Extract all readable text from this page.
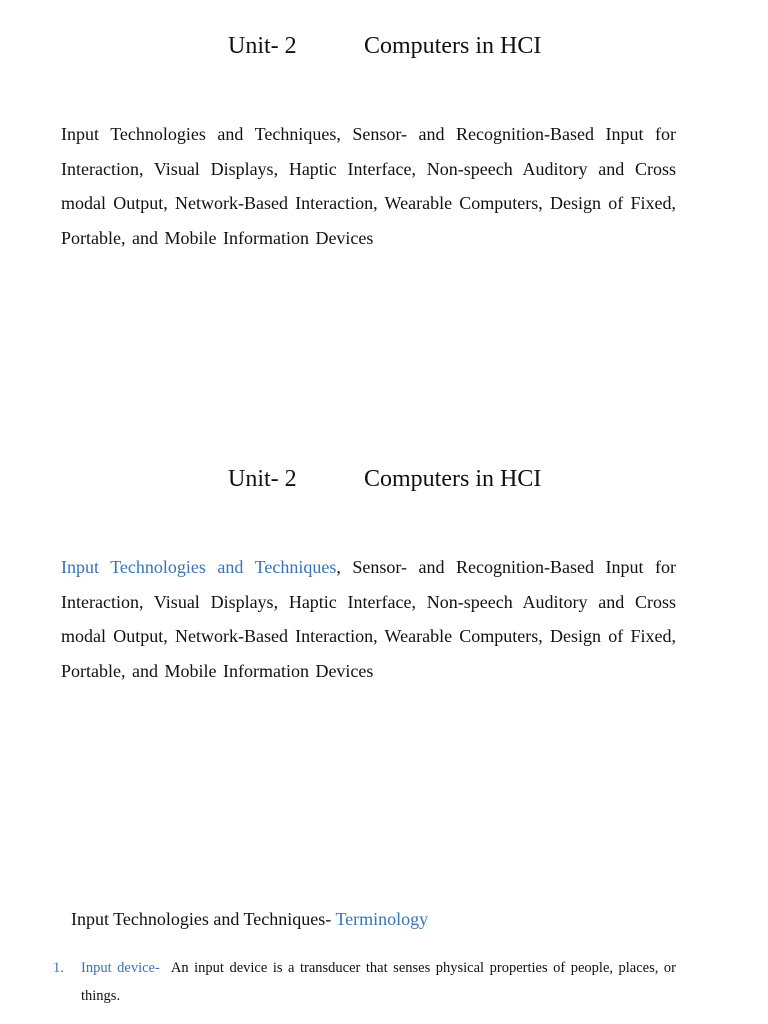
Unit- 2	Computers in HCI
Input Technologies and Techniques, Sensor- and Recognition-Based Input for Interaction, Visual Displays, Haptic Interface, Non-speech Auditory and Cross modal Output, Network-Based Interaction, Wearable Computers, Design of Fixed, Portable, and Mobile Information Devices
Unit- 2	Computers in HCI
Input Technologies and Techniques, Sensor- and Recognition-Based Input for Interaction, Visual Displays, Haptic Interface, Non-speech Auditory and Cross modal Output, Network-Based Interaction, Wearable Computers, Design of Fixed, Portable, and Mobile Information Devices
Input Technologies and Techniques- Terminology
1. Input device- An input device is a transducer that senses physical properties of people, places, or things.
